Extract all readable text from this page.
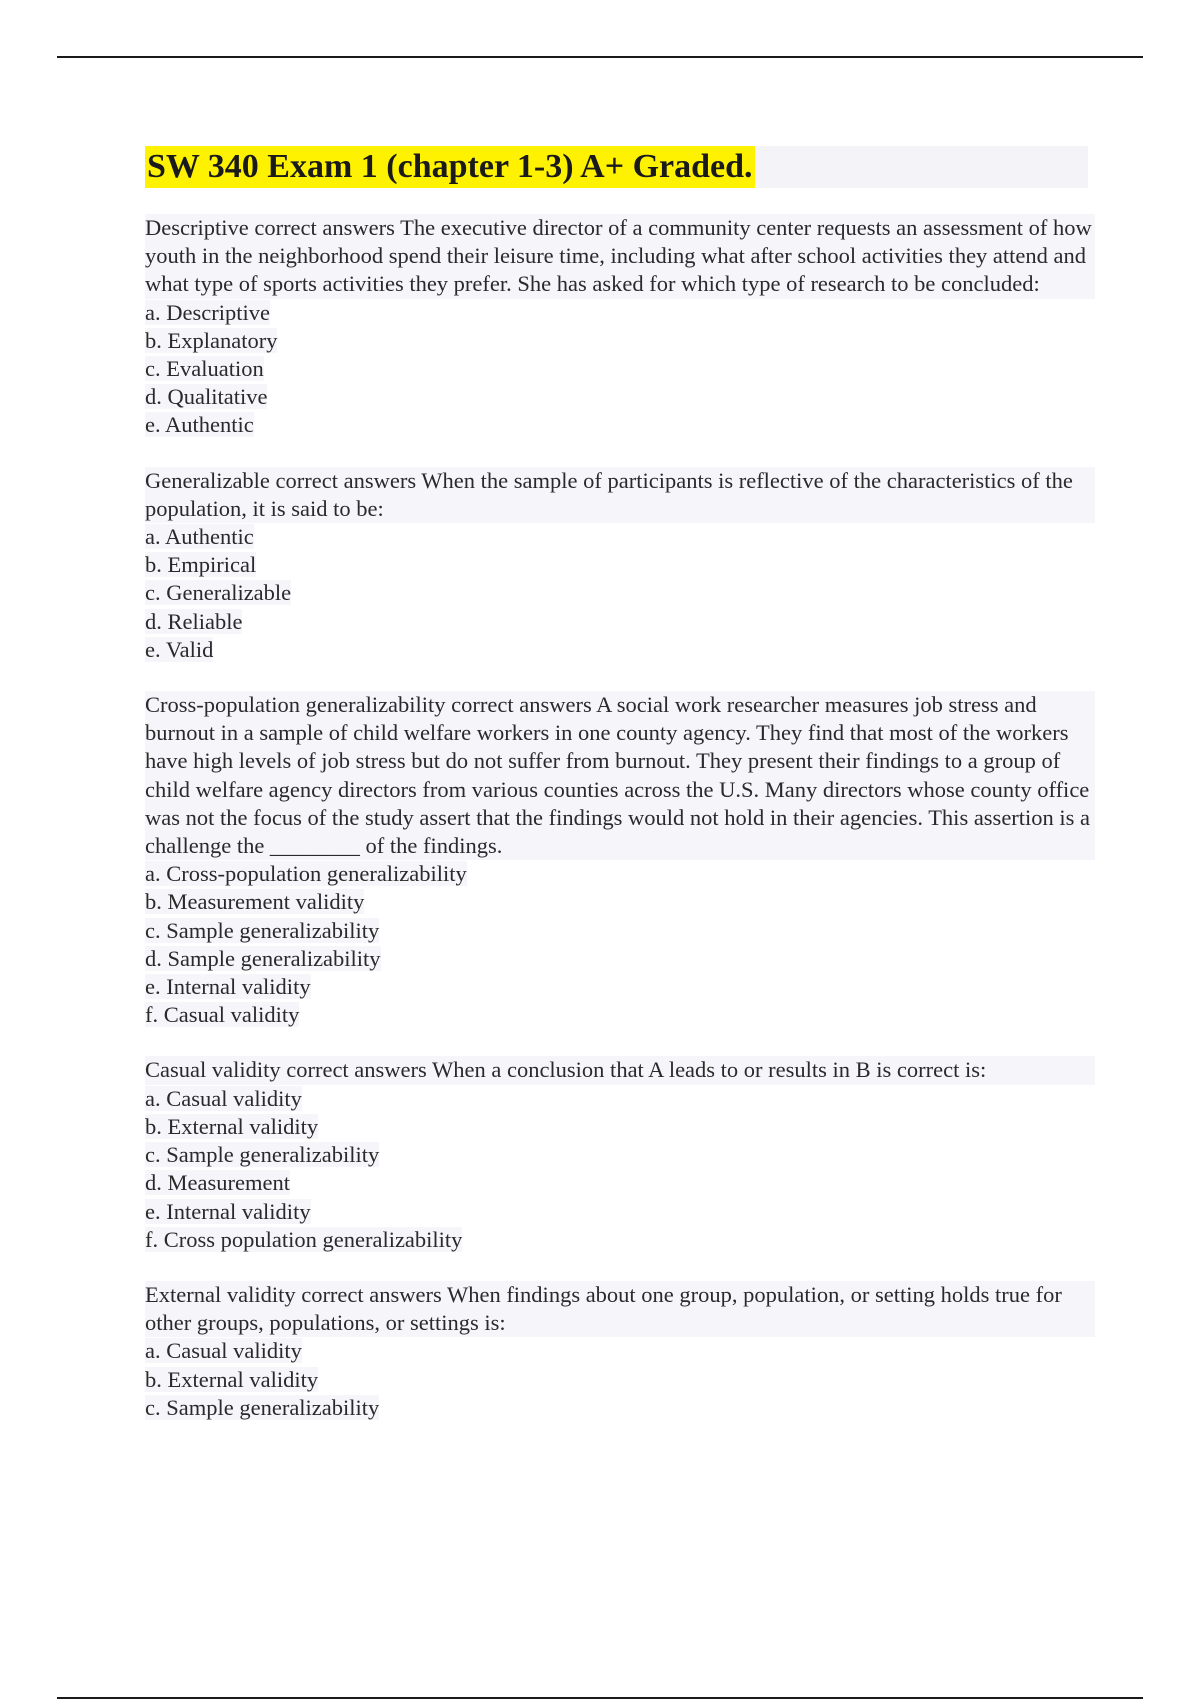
SW 340 Exam 1 (chapter 1-3) A+ Graded.

Descriptive correct answers The executive director of a community center requests an assessment of how youth in the neighborhood spend their leisure time, including what after school activities they attend and what type of sports activities they prefer. She has asked for which type of research to be concluded:

a. Descriptive
b. Explanatory
c. Evaluation
d. Qualitative
e. Authentic

Generalizable correct answers When the sample of participants is reflective of the characteristics of the population, it is said to be:

a. Authentic
b. Empirical
c. Generalizable
d. Reliable
e. Valid

Cross-population generalizability correct answers A social work researcher measures job stress and burnout in a sample of child welfare workers in one county agency. They find that most of the workers have high levels of job stress but do not suffer from burnout. They present their findings to a group of child welfare agency directors from various counties across the U.S. Many directors whose county office was not the focus of the study assert that the findings would not hold in their agencies. This assertion is a challenge the ________ of the findings.

a. Cross-population generalizability
b. Measurement validity
c. Sample generalizability
d. Sample generalizability
e. Internal validity
f. Casual validity

Casual validity correct answers When a conclusion that A leads to or results in B is correct is:

a. Casual validity
b. External validity
c. Sample generalizability
d. Measurement
e. Internal validity
f. Cross population generalizability

External validity correct answers When findings about one group, population, or setting holds true for other groups, populations, or settings is:

a. Casual validity
b. External validity
c. Sample generalizability
